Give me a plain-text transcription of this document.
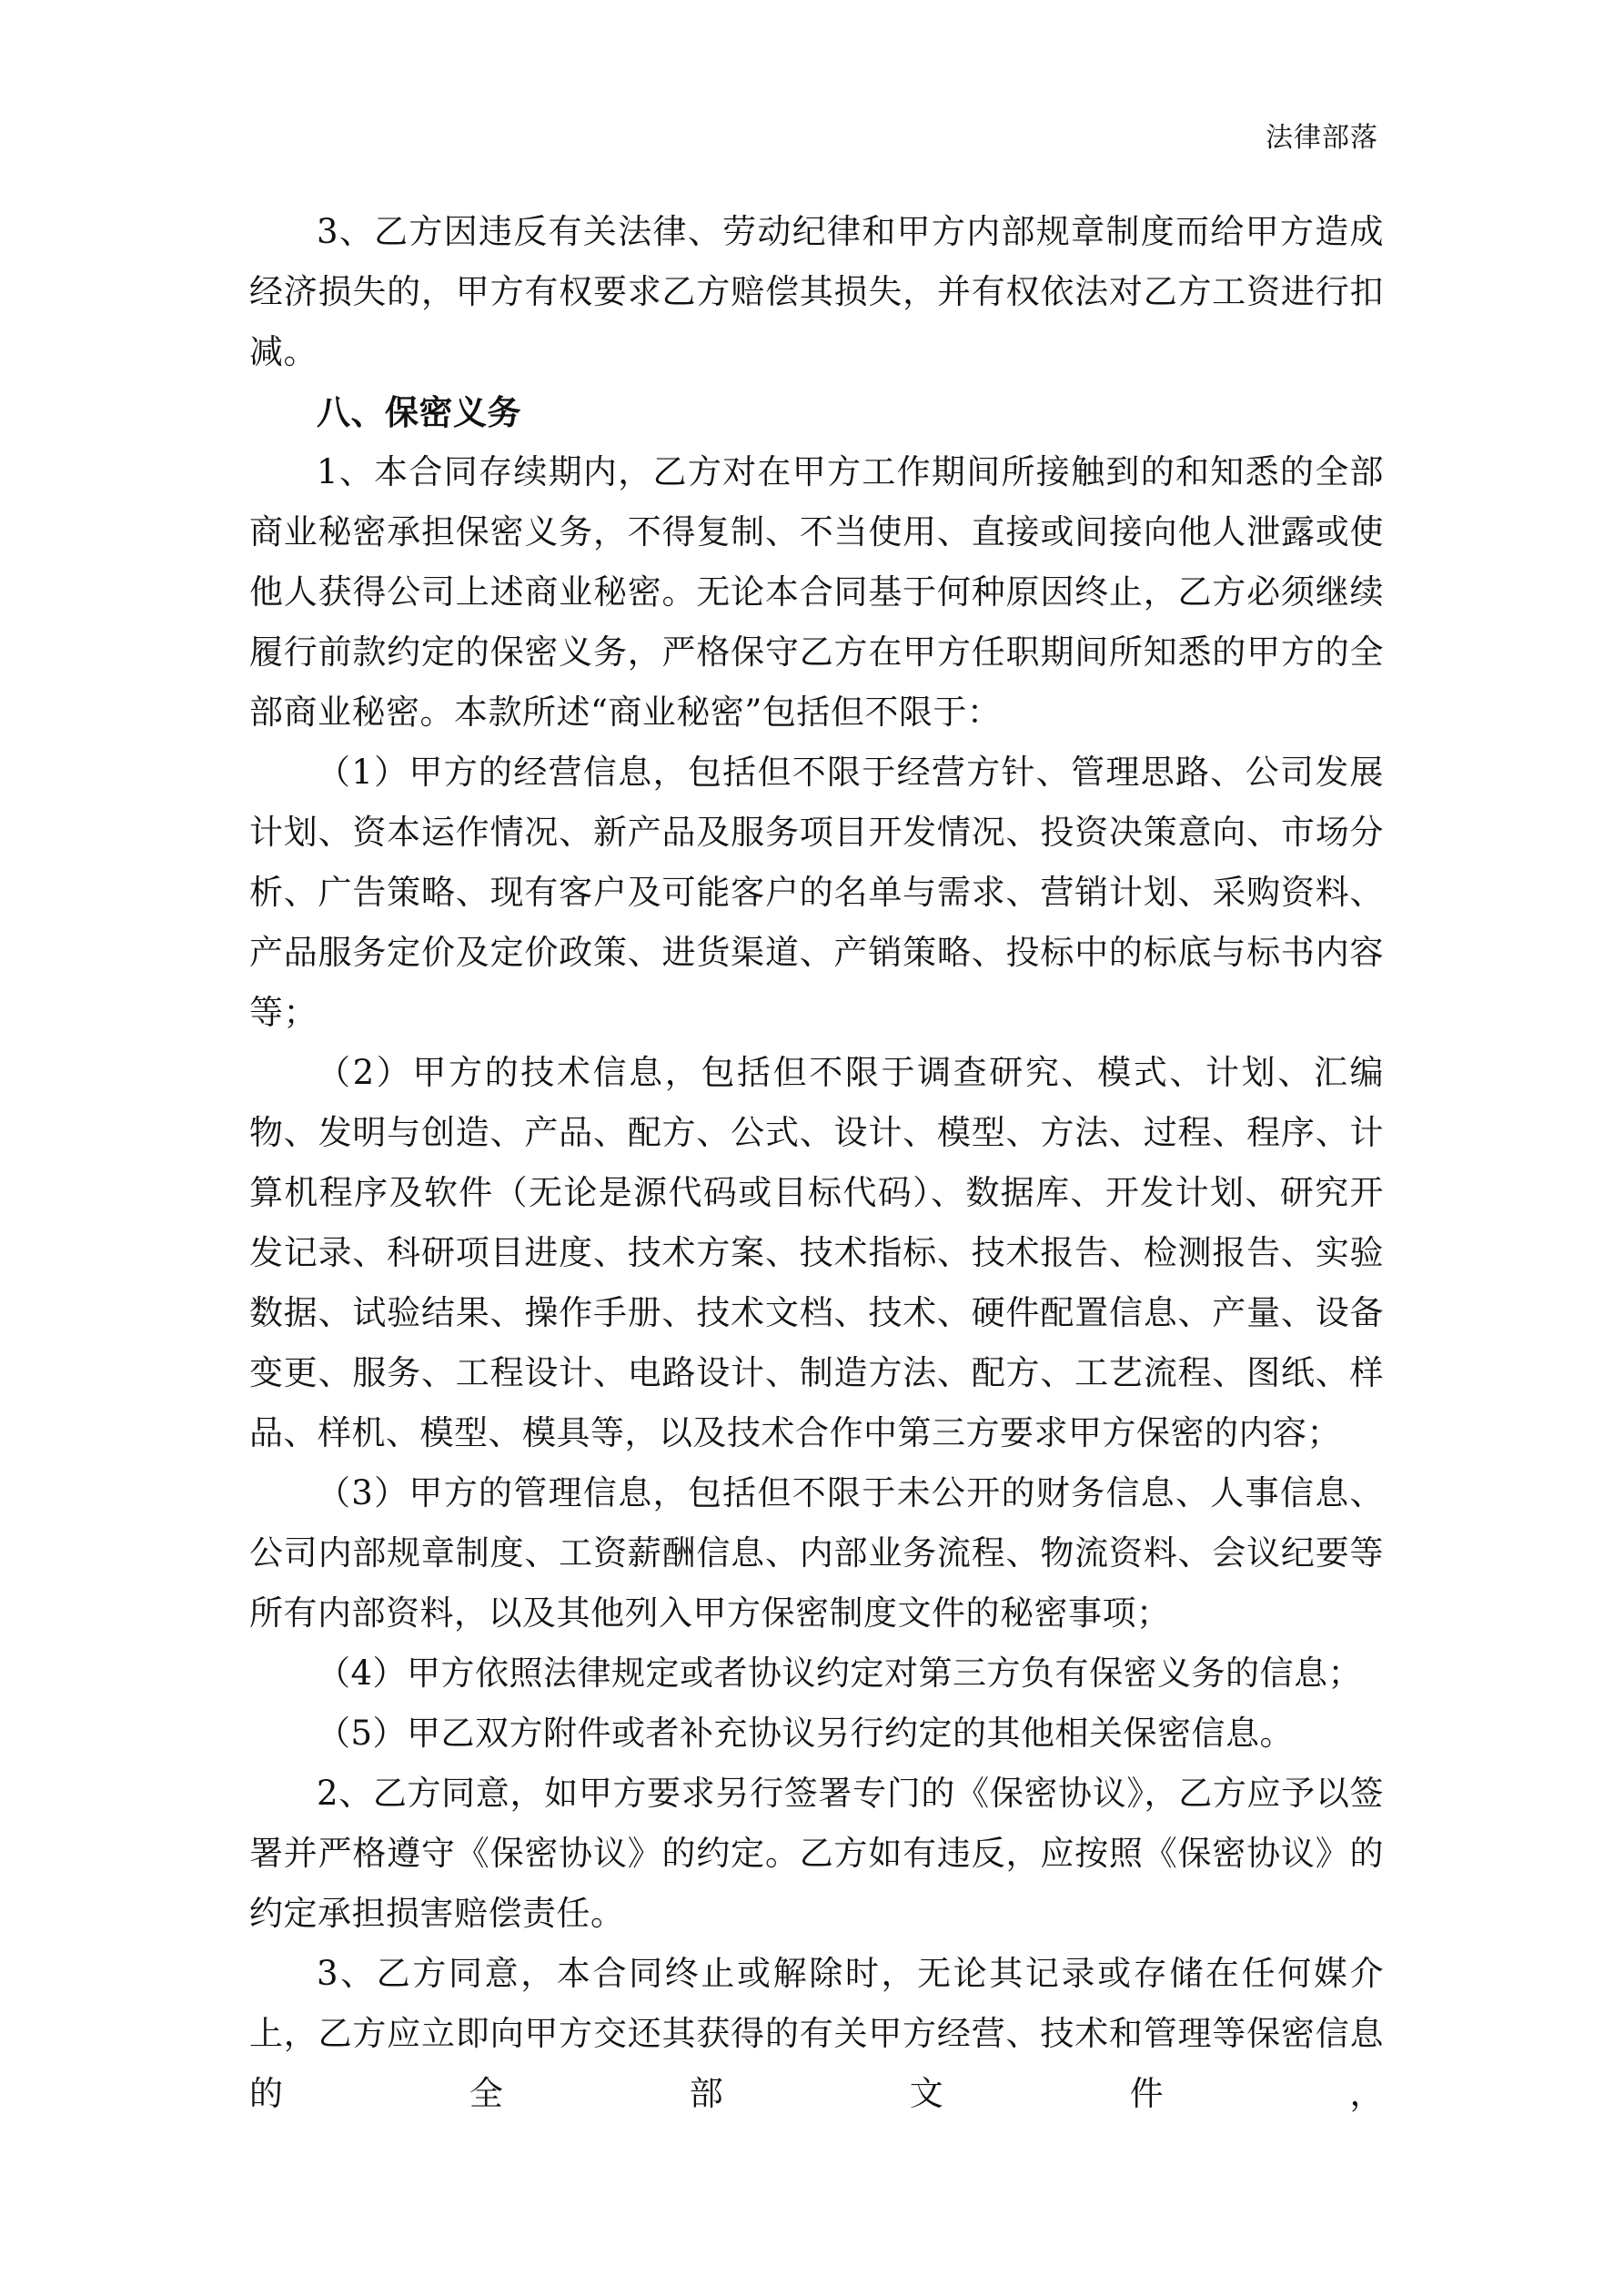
法律部落

3、乙方因违反有关法律、劳动纪律和甲方内部规章制度而给甲方造成经济损失的，甲方有权要求乙方赔偿其损失，并有权依法对乙方工资进行扣减。

八、保密义务

1、本合同存续期内，乙方对在甲方工作期间所接触到的和知悉的全部商业秘密承担保密义务，不得复制、不当使用、直接或间接向他人泄露或使他人获得公司上述商业秘密。无论本合同基于何种原因终止，乙方必须继续履行前款约定的保密义务，严格保守乙方在甲方任职期间所知悉的甲方的全部商业秘密。本款所述“商业秘密”包括但不限于：

（1）甲方的经营信息，包括但不限于经营方针、管理思路、公司发展计划、资本运作情况、新产品及服务项目开发情况、投资决策意向、市场分析、广告策略、现有客户及可能客户的名单与需求、营销计划、采购资料、产品服务定价及定价政策、进货渠道、产销策略、投标中的标底与标书内容等；

（2）甲方的技术信息，包括但不限于调查研究、模式、计划、汇编物、发明与创造、产品、配方、公式、设计、模型、方法、过程、程序、计算机程序及软件（无论是源代码或目标代码）、数据库、开发计划、研究开发记录、科研项目进度、技术方案、技术指标、技术报告、检测报告、实验数据、试验结果、操作手册、技术文档、技术、硬件配置信息、产量、设备变更、服务、工程设计、电路设计、制造方法、配方、工艺流程、图纸、样品、样机、模型、模具等，以及技术合作中第三方要求甲方保密的内容；

（3）甲方的管理信息，包括但不限于未公开的财务信息、人事信息、公司内部规章制度、工资薪酬信息、内部业务流程、物流资料、会议纪要等所有内部资料，以及其他列入甲方保密制度文件的秘密事项；

（4）甲方依照法律规定或者协议约定对第三方负有保密义务的信息；

（5）甲乙双方附件或者补充协议另行约定的其他相关保密信息。

2、乙方同意，如甲方要求另行签署专门的《保密协议》，乙方应予以签署并严格遵守《保密协议》的约定。乙方如有违反，应按照《保密协议》的约定承担损害赔偿责任。

3、乙方同意，本合同终止或解除时，无论其记录或存储在任何媒介上，乙方应立即向甲方交还其获得的有关甲方经营、技术和管理等保密信息的全部文件，
